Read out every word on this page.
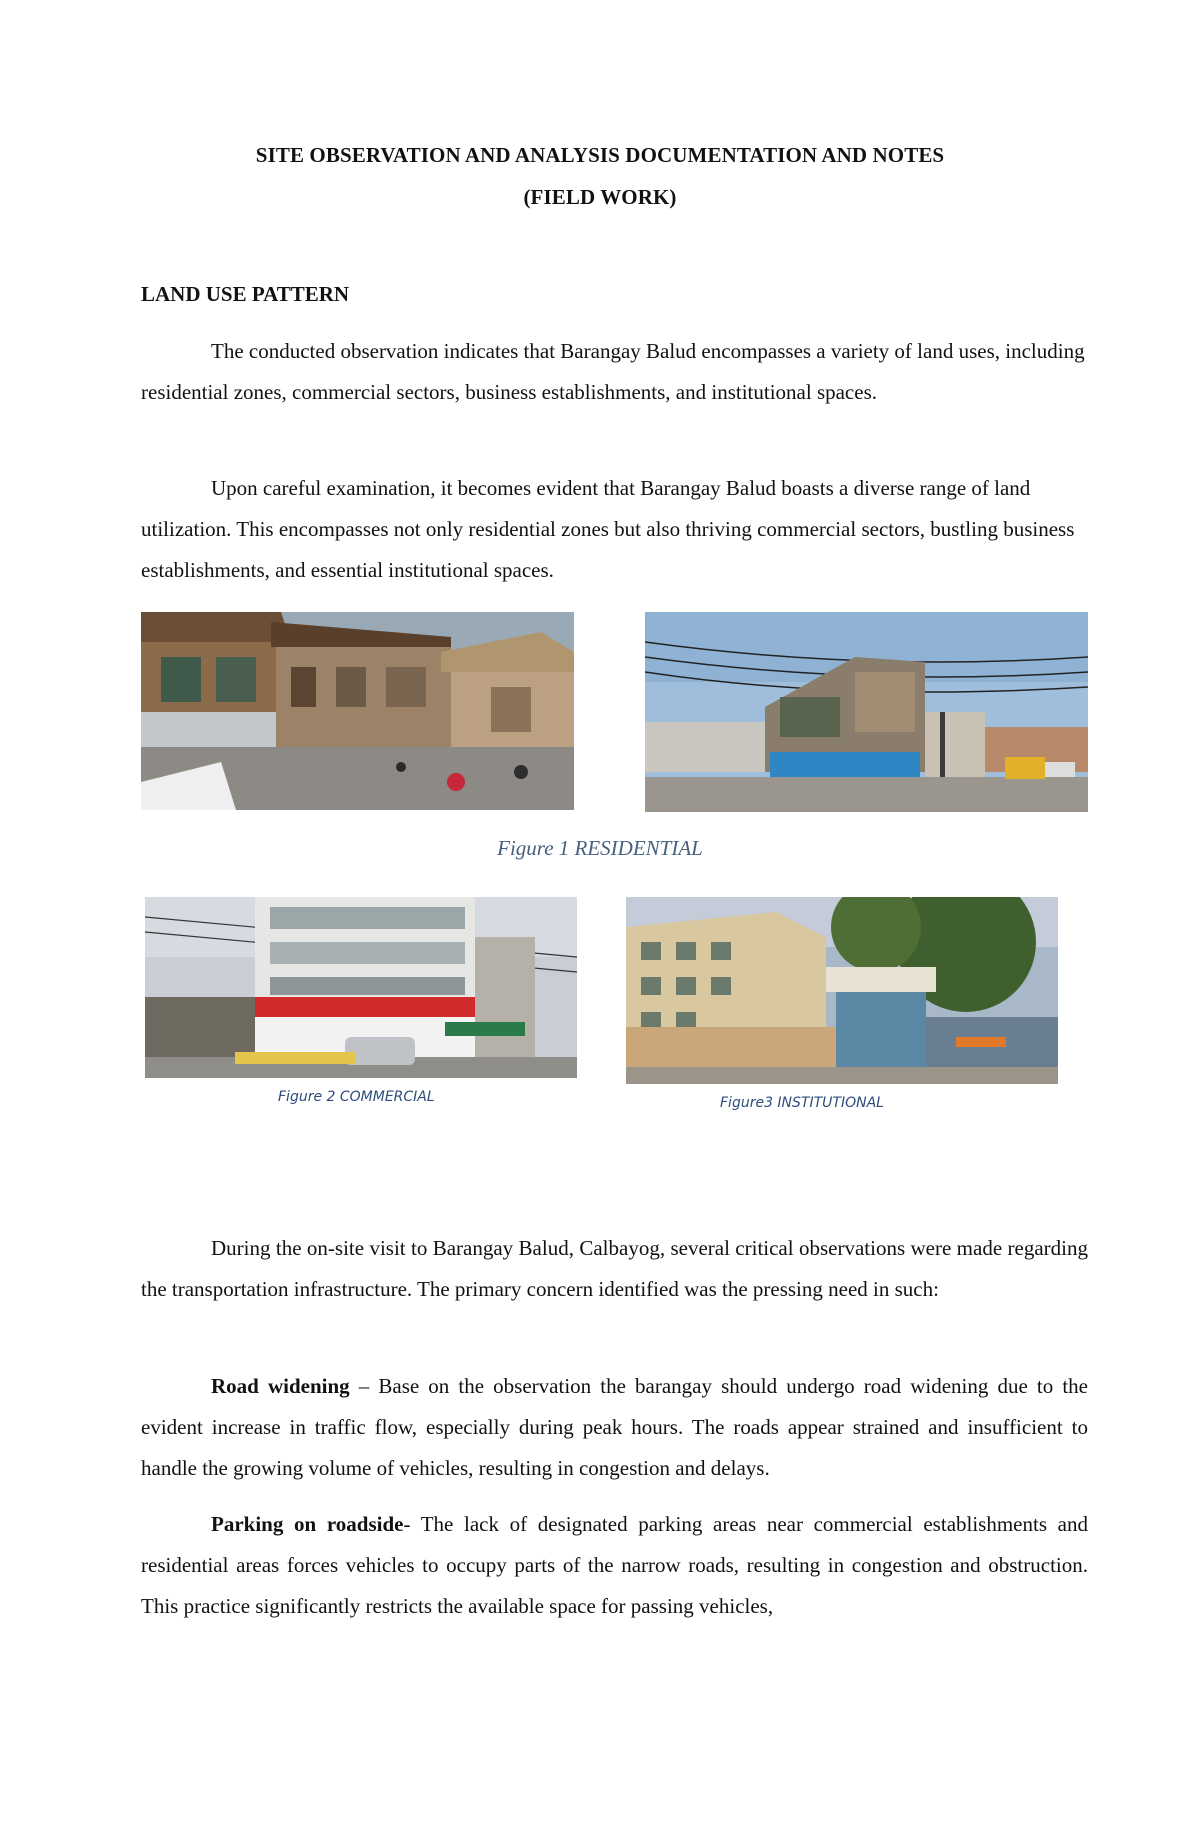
SITE OBSERVATION AND ANALYSIS DOCUMENTATION AND NOTES
(FIELD WORK)
LAND USE PATTERN

The conducted observation indicates that Barangay Balud encompasses a variety of land uses, including residential zones, commercial sectors, business establishments, and institutional spaces.

Upon careful examination, it becomes evident that Barangay Balud boasts a diverse range of land utilization. This encompasses not only residential zones but also thriving commercial sectors, bustling business establishments, and essential institutional spaces.

Figure 1 RESIDENTIAL
Figure 2 COMMERCIAL	Figure3 INSTITUTIONAL

During the on-site visit to Barangay Balud, Calbayog, several critical observations were made regarding the transportation infrastructure. The primary concern identified was the pressing need in such:

Road widening – Base on the observation the barangay should undergo road widening due to the evident increase in traffic flow, especially during peak hours. The roads appear strained and insufficient to handle the growing volume of vehicles, resulting in congestion and delays.

Parking on roadside- The lack of designated parking areas near commercial establishments and residential areas forces vehicles to occupy parts of the narrow roads, resulting in congestion and obstruction. This practice significantly restricts the available space for passing vehicles,
